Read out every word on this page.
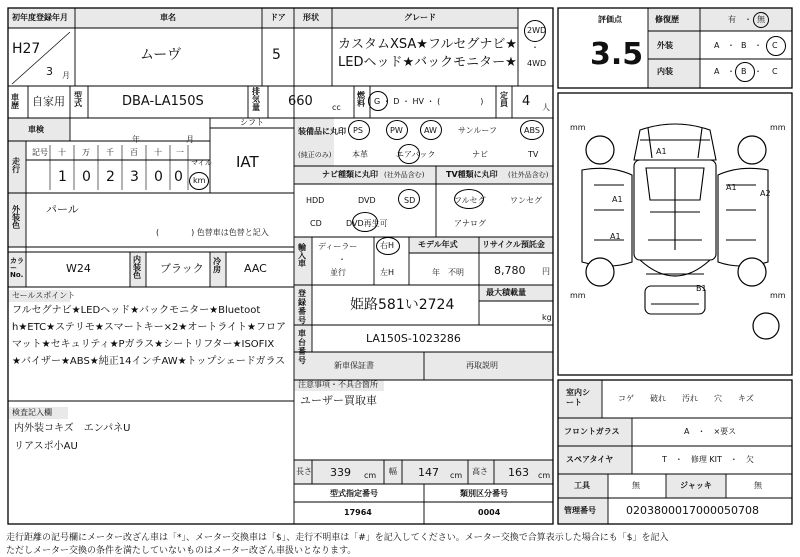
初年度登録年月
H27
3 月
車名
ムーヴ
ドア
5
形状	グレード
カスタムXSA★フルセグナビ★
LEDヘッド★バックモニター★
2WD
・
4WD
評価点
3.5
修復歴	有 ・ 無
外装	A ・ B ・ C
内装	A ・ B ・ C
車歴	自家用 型式	DBA-LA150S
排気量	660 cc
燃料 G ・ D ・ HV ・ (　　　　　)
定員 4 人
車検
年	月
シフト
IAT
走行
記号 十 万 千 百 十 一
1 0 2 3 0 0
マイル
km
外装色
パール
(　　　　) 色替車は色替と記入
カラーNo.	W24
内装色
ブラック
冷房 AAC
装備品に丸印
(純正のみ)
PS	PW	AW	サンルーフ	ABS
本革	エアバック	ナビ	TV
ナビ種類に丸印 (社外品含む)	TV種類に丸印 (社外品含む)
HDD	DVD	SD
CD	DVD再生可
フルセグ	ワンセグ
アナログ
輸入車
ディーラー
・
並行
右H
左H
モデル年式
年　不明
リサイクル預託金
8,780 円
セールスポイント
フルセグナビ★LEDヘッド★バックモニター★Bluetoot
h★ETC★ステリモ★スマートキー×2★オートライト★フロア
マット★セキュリティ★Pガラス★シートリフター★ISOFIX
★バイザー★ABS★純正14インチAW★トップシェードガラス
登録番号
姫路581い2724
最大積載量
kg
車台番号
LA150S-1023286
新車保証書	再取説明
注意事項・不具合箇所
ユーザー買取車
検査記入欄
内外装コキズ　エンパネU
リアスポ小AU
長さ 339 cm 幅 147 cm 高さ 163 cm
型式指定番号
17964
類別区分番号
0004
mm	mm
mm	mm
A1
A1
A2
A1
A1
B1
室内シート	コゲ　　破れ　　汚れ　　穴　　キズ
フロントガラス	A　・　×要ス
スペアタイヤ	T　・　修理 KIT　・　欠
工具	無	ジャッキ	無
管理番号	0203800017000050708
走行距離の記号欄にメーター改ざん車は「*」、メーター交換車は「$」、走行不明車は「#」を記入してください。メーター交換で合算表示した場合にも「$」を記入
ただしメーター交換の条件を満たしていないものはメーター改ざん車扱いとなります。
